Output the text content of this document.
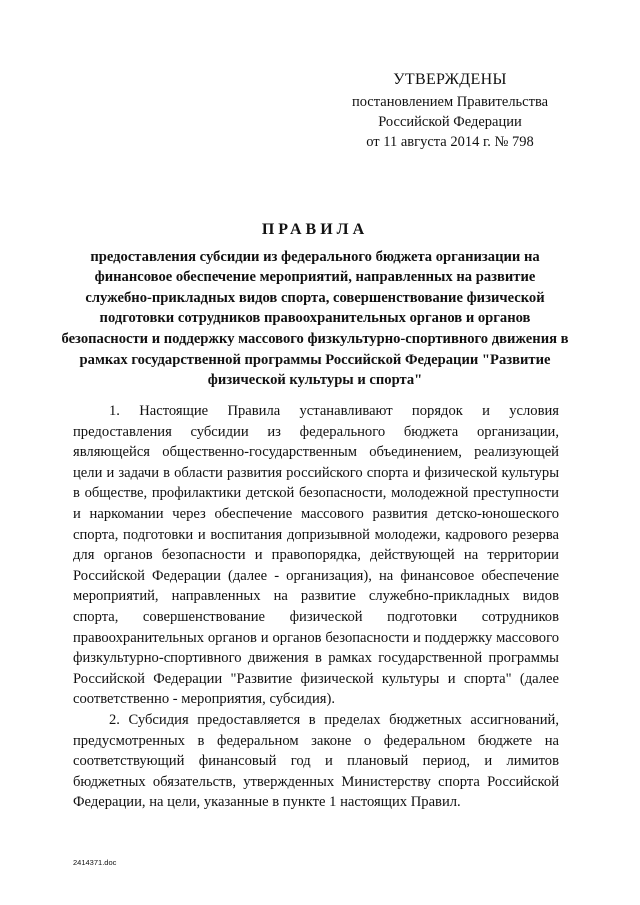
УТВЕРЖДЕНЫ
постановлением Правительства
Российской Федерации
от 11 августа 2014 г. № 798
ПРАВИЛА
предоставления субсидии из федерального бюджета организации на финансовое обеспечение мероприятий, направленных на развитие служебно-прикладных видов спорта, совершенствование физической подготовки сотрудников правоохранительных органов и органов безопасности и поддержку массового физкультурно-спортивного движения в рамках государственной программы Российской Федерации "Развитие физической культуры и спорта"

1. Настоящие Правила устанавливают порядок и условия предоставления субсидии из федерального бюджета организации, являющейся общественно-государственным объединением, реализующей цели и задачи в области развития российского спорта и физической культуры в обществе, профилактики детской безопасности, молодежной преступности и наркомании через обеспечение массового развития детско-юношеского спорта, подготовки и воспитания допризывной молодежи, кадрового резерва для органов безопасности и правопорядка, действующей на территории Российской Федерации (далее - организация), на финансовое обеспечение мероприятий, направленных на развитие служебно-прикладных видов спорта, совершенствование физической подготовки сотрудников правоохранительных органов и органов безопасности и поддержку массового физкультурно-спортивного движения в рамках государственной программы Российской Федерации "Развитие физической культуры и спорта" (далее соответственно - мероприятия, субсидия).

2. Субсидия предоставляется в пределах бюджетных ассигнований, предусмотренных в федеральном законе о федеральном бюджете на соответствующий финансовый год и плановый период, и лимитов бюджетных обязательств, утвержденных Министерству спорта Российской Федерации, на цели, указанные в пункте 1 настоящих Правил.

2414371.doc
